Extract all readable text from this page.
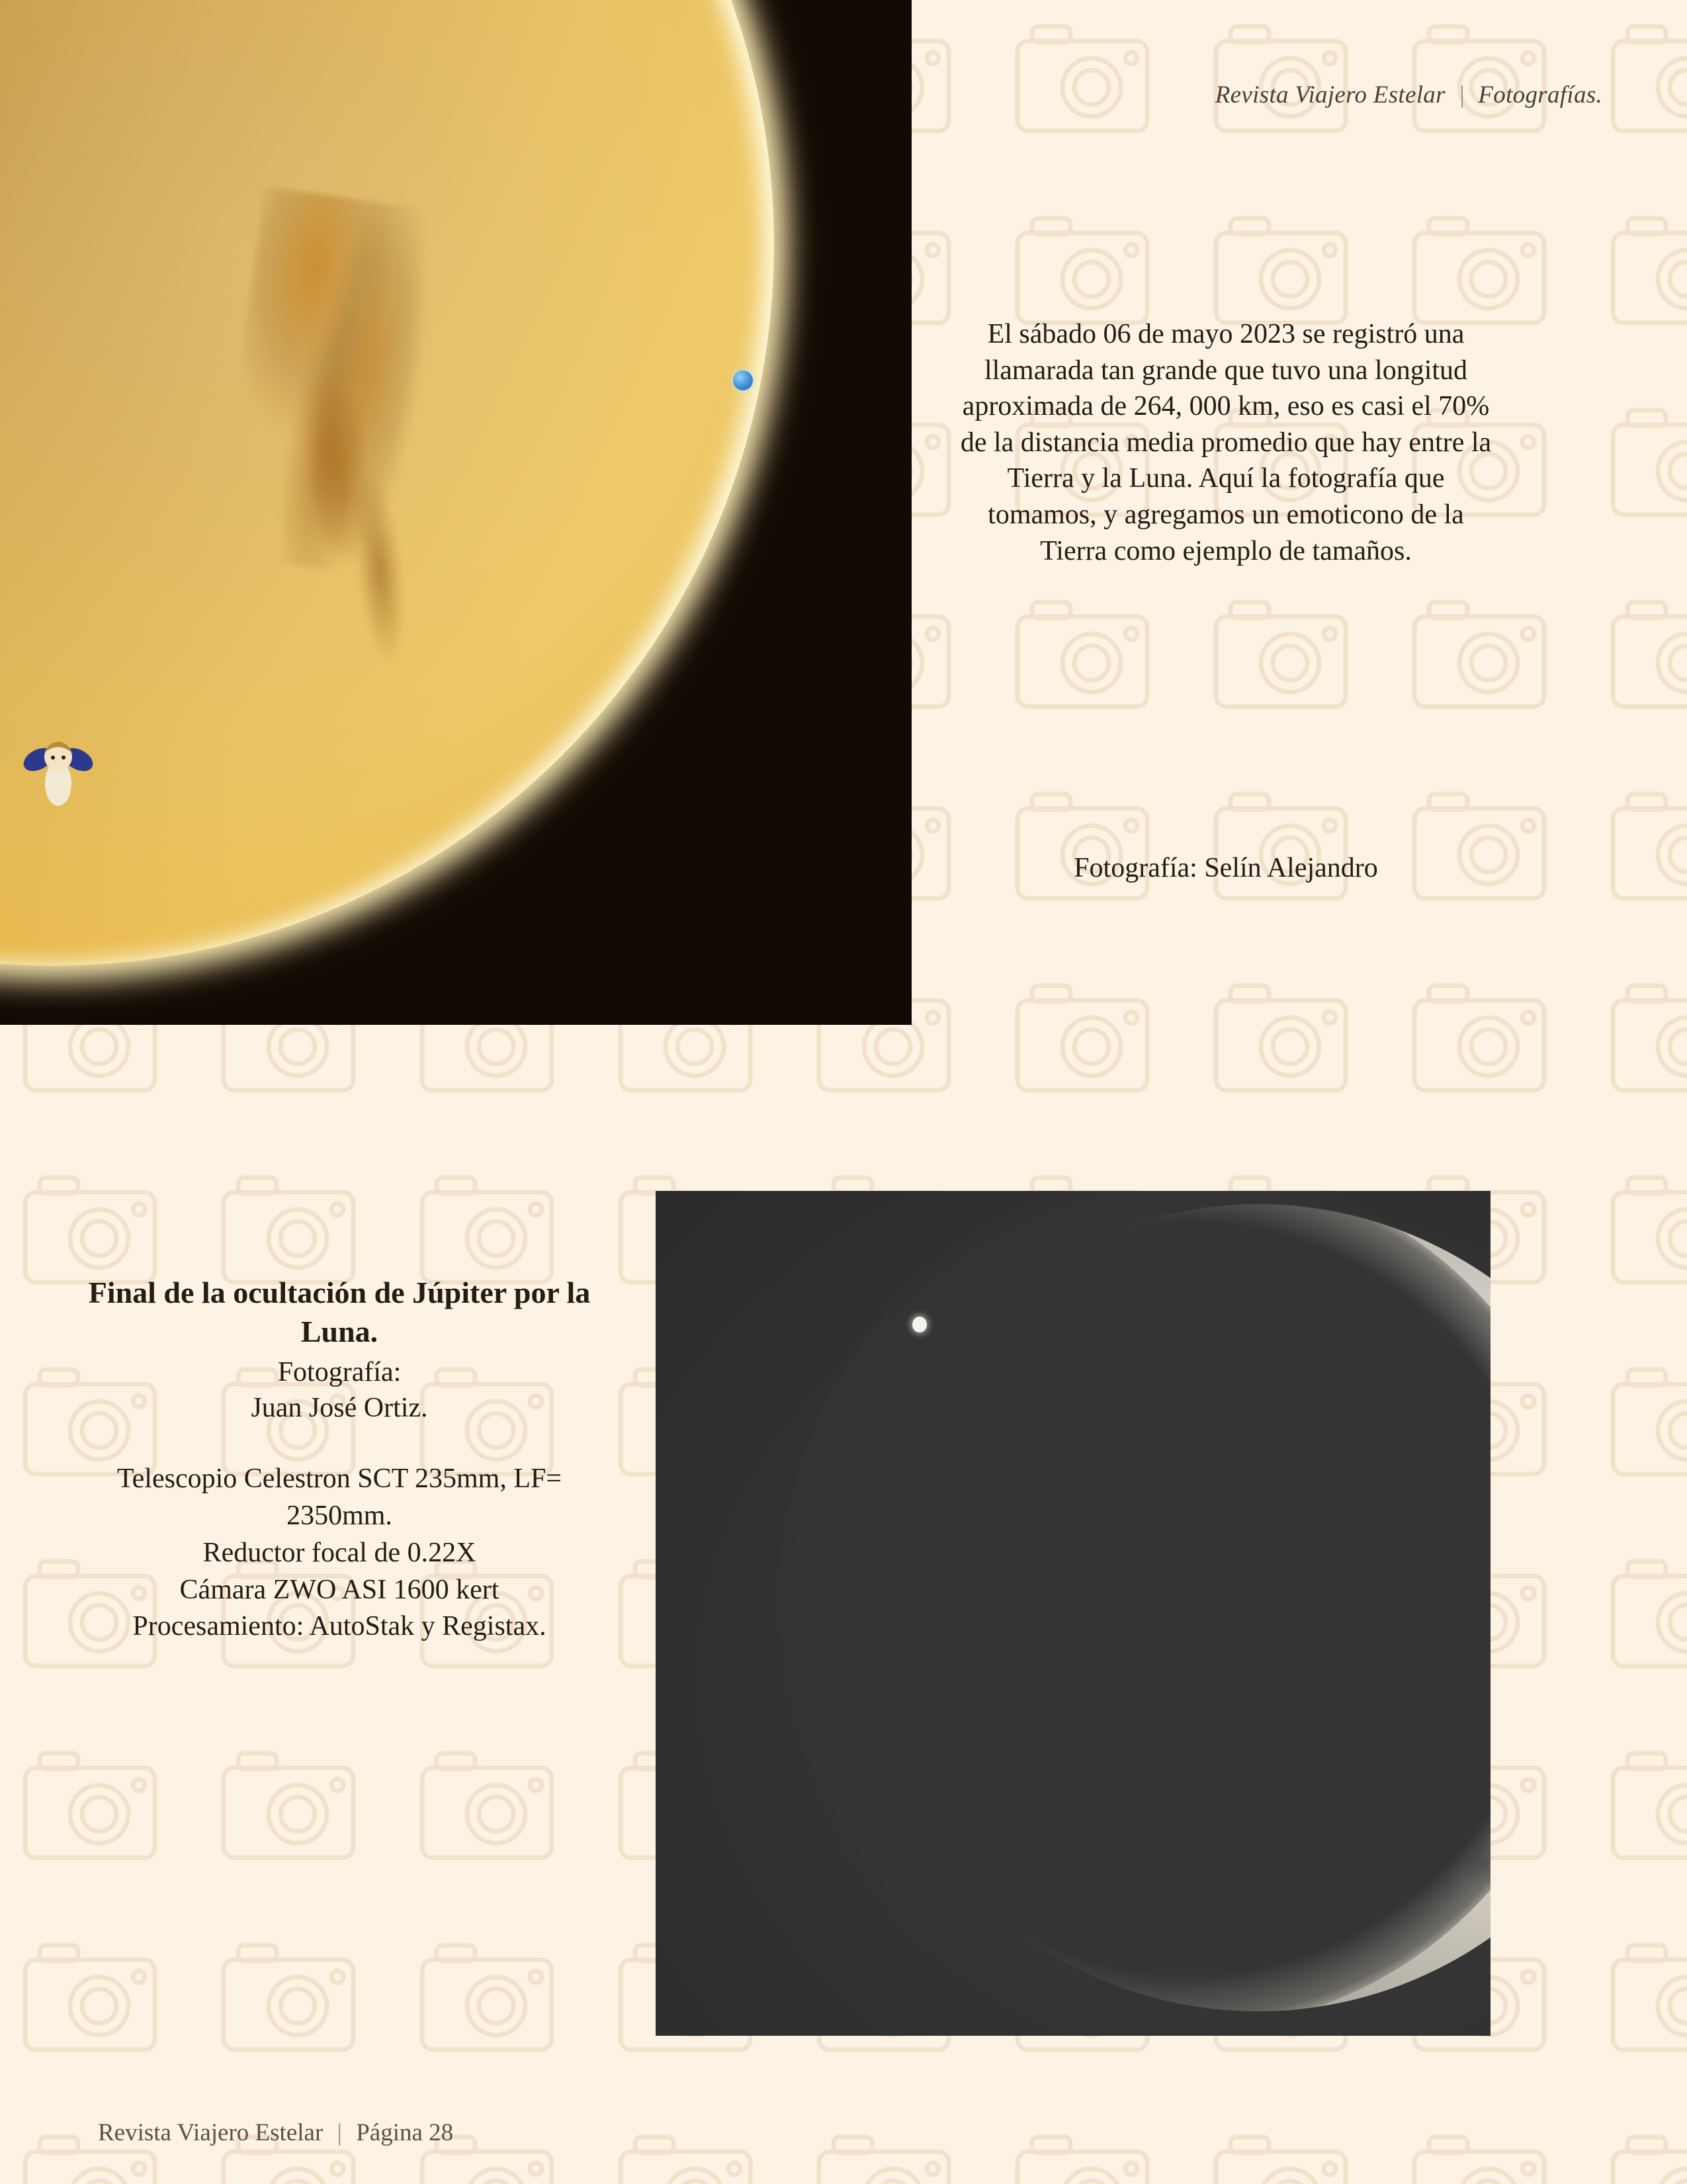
Revista Viajero Estelar | Fotografías.
El sábado 06 de mayo 2023 se registró una llamarada tan grande que tuvo una longitud aproximada de 264, 000 km, eso es casi el 70% de la distancia media promedio que hay entre la Tierra y la Luna. Aquí la fotografía que tomamos, y agregamos un emoticono de la Tierra como ejemplo de tamaños.
Fotografía: Selín Alejandro
Final de la ocultación de Júpiter por la Luna.
Fotografía:
Juan José Ortiz.
Telescopio Celestron SCT 235mm, LF= 2350mm.
Reductor focal de 0.22X
Cámara ZWO ASI 1600 kert
Procesamiento: AutoStak y Registax.
Revista Viajero Estelar | Página 28
